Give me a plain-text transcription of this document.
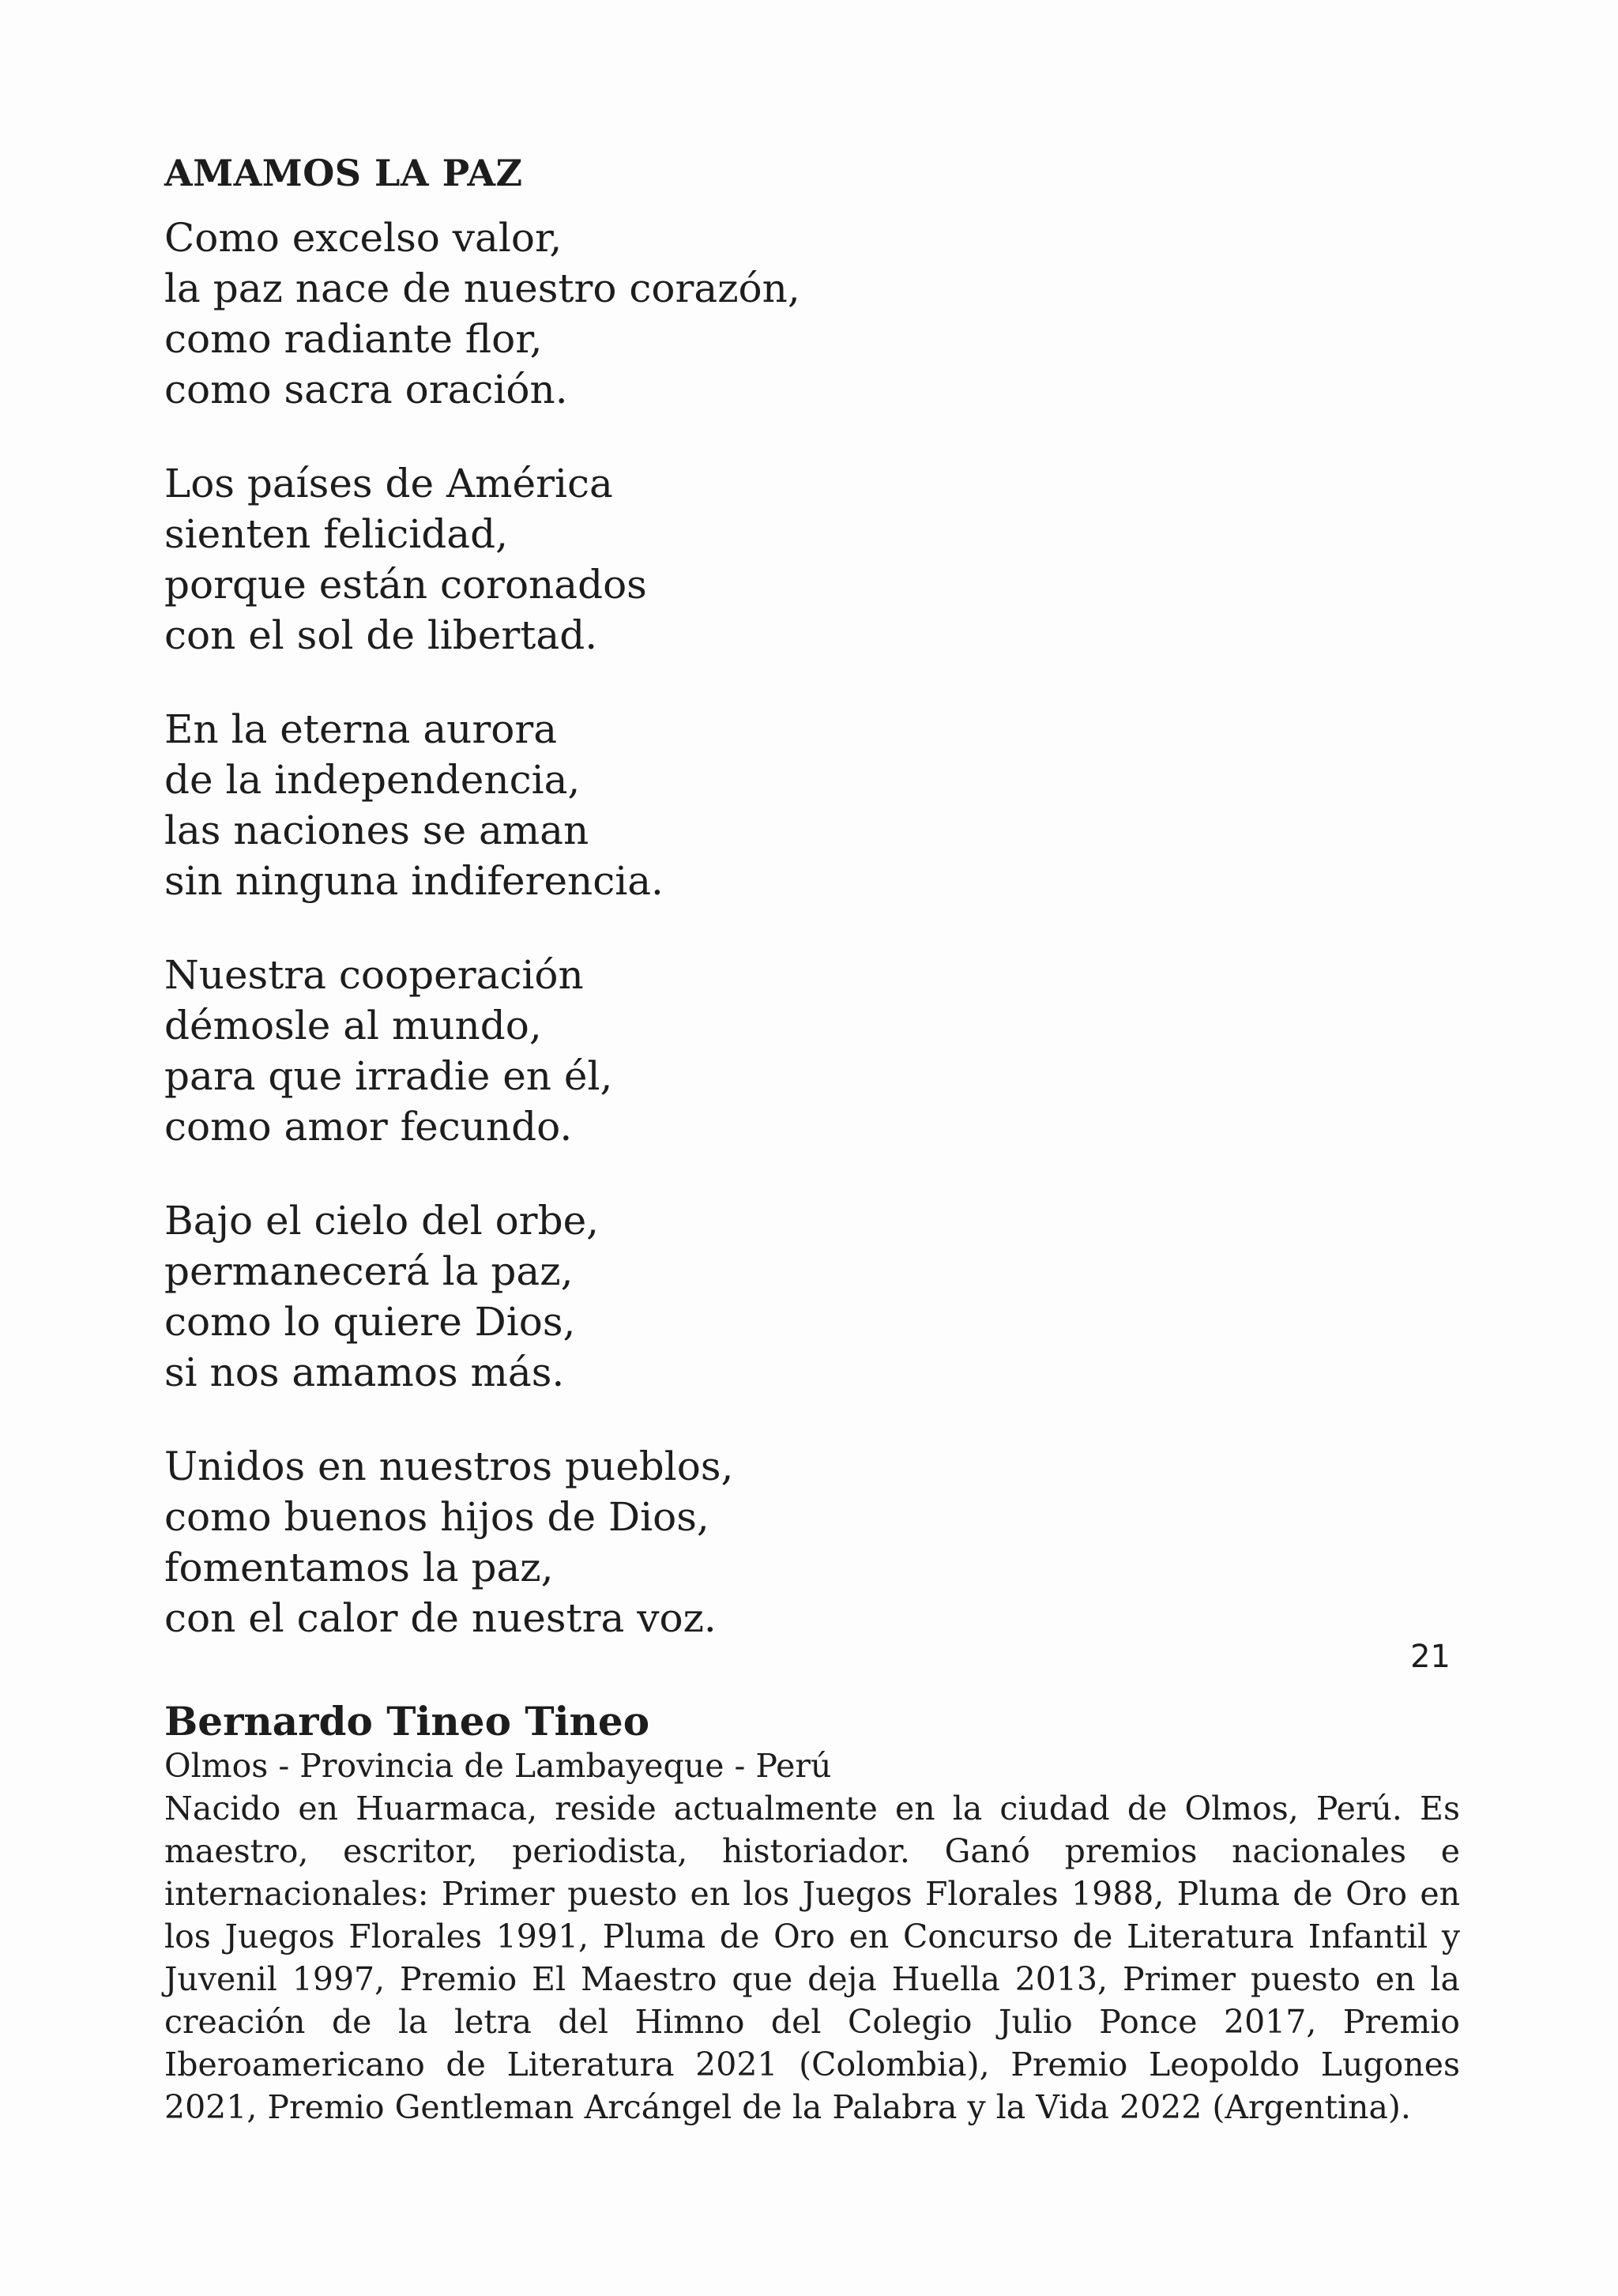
AMAMOS LA PAZ
Como excelso valor,
la paz nace de nuestro corazón,
como radiante flor,
como sacra oración.
Los países de América
sienten felicidad,
porque están coronados
con el sol de libertad.
En la eterna aurora
de la independencia,
las naciones se aman
sin ninguna indiferencia.
Nuestra cooperación
démosle al mundo,
para que irradie en él,
como amor fecundo.
Bajo el cielo del orbe,
permanecerá la paz,
como lo quiere Dios,
si nos amamos más.
Unidos en nuestros pueblos,
como buenos hijos de Dios,
fomentamos la paz,
con el calor de nuestra voz.
Bernardo Tineo Tineo

Olmos - Provincia de Lambayeque - Perú

Nacido en Huarmaca, reside actualmente en la ciudad de Olmos, Perú. Es maestro, escritor, periodista, historiador. Ganó premios nacionales e internacionales: Primer puesto en los Juegos Florales 1988, Pluma de Oro en los Juegos Florales 1991, Pluma de Oro en Concurso de Literatura Infantil y Juvenil 1997, Premio El Maestro que deja Huella 2013, Primer puesto en la creación de la letra del Himno del Colegio Julio Ponce 2017, Premio Iberoamericano de Literatura 2021 (Colombia), Premio Leopoldo Lugones 2021, Premio Gentleman Arcángel de la Palabra y la Vida 2022 (Argentina).

21
